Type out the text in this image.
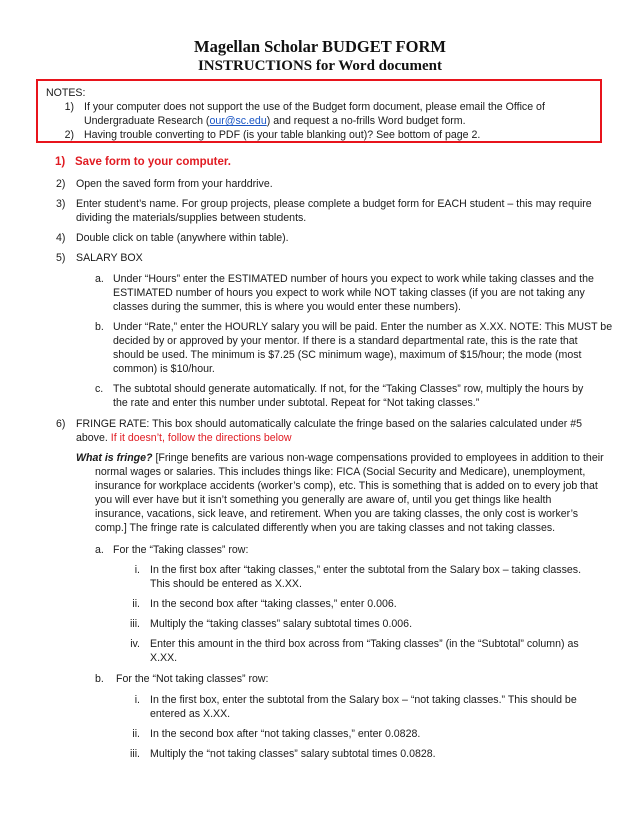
Magellan Scholar BUDGET FORM
INSTRUCTIONS for Word document
NOTES:
1) If your computer does not support the use of the Budget form document, please email the Office of
Undergraduate Research (our@sc.edu) and request a no-frills Word budget form.
2) Having trouble converting to PDF (is your table blanking out)? See bottom of page 2.
1) Save form to your computer.
2) Open the saved form from your harddrive.
3) Enter student’s name. For group projects, please complete a budget form for EACH student – this may require
dividing the materials/supplies between students.
4) Double click on table (anywhere within table).
5) SALARY BOX
a. Under “Hours” enter the ESTIMATED number of hours you expect to work while taking classes and the
ESTIMATED number of hours you expect to work while NOT taking classes (if you are not taking any
classes during the summer, this is where you would enter these numbers).
b. Under “Rate,” enter the HOURLY salary you will be paid. Enter the number as X.XX. NOTE: This MUST be
decided by or approved by your mentor. If there is a standard departmental rate, this is the rate that
should be used. The minimum is $7.25 (SC minimum wage), maximum of $15/hour; the mode (most
common) is $10/hour.
c. The subtotal should generate automatically. If not, for the “Taking Classes” row, multiply the hours by
the rate and enter this number under subtotal. Repeat for “Not taking classes.”
6) FRINGE RATE: This box should automatically calculate the fringe based on the salaries calculated under #5
above. If it doesn’t, follow the directions below
What is fringe? [Fringe benefits are various non-wage compensations provided to employees in addition to their
normal wages or salaries. This includes things like: FICA (Social Security and Medicare), unemployment,
insurance for workplace accidents (worker’s comp), etc. This is something that is added on to every job that
you will ever have but it isn’t something you generally are aware of, until you get things like health
insurance, vacations, sick leave, and retirement. When you are taking classes, the only cost is worker’s
comp.] The fringe rate is calculated differently when you are taking classes and not taking classes.
a. For the “Taking classes” row:
i. In the first box after “taking classes,” enter the subtotal from the Salary box – taking classes.
This should be entered as X.XX.
ii. In the second box after “taking classes,” enter 0.006.
iii. Multiply the “taking classes” salary subtotal times 0.006.
iv. Enter this amount in the third box across from “Taking classes” (in the “Subtotal” column) as
X.XX.
b. For the “Not taking classes” row:
i. In the first box, enter the subtotal from the Salary box – “not taking classes.” This should be
entered as X.XX.
ii. In the second box after “not taking classes,” enter 0.0828.
iii. Multiply the “not taking classes” salary subtotal times 0.0828.
